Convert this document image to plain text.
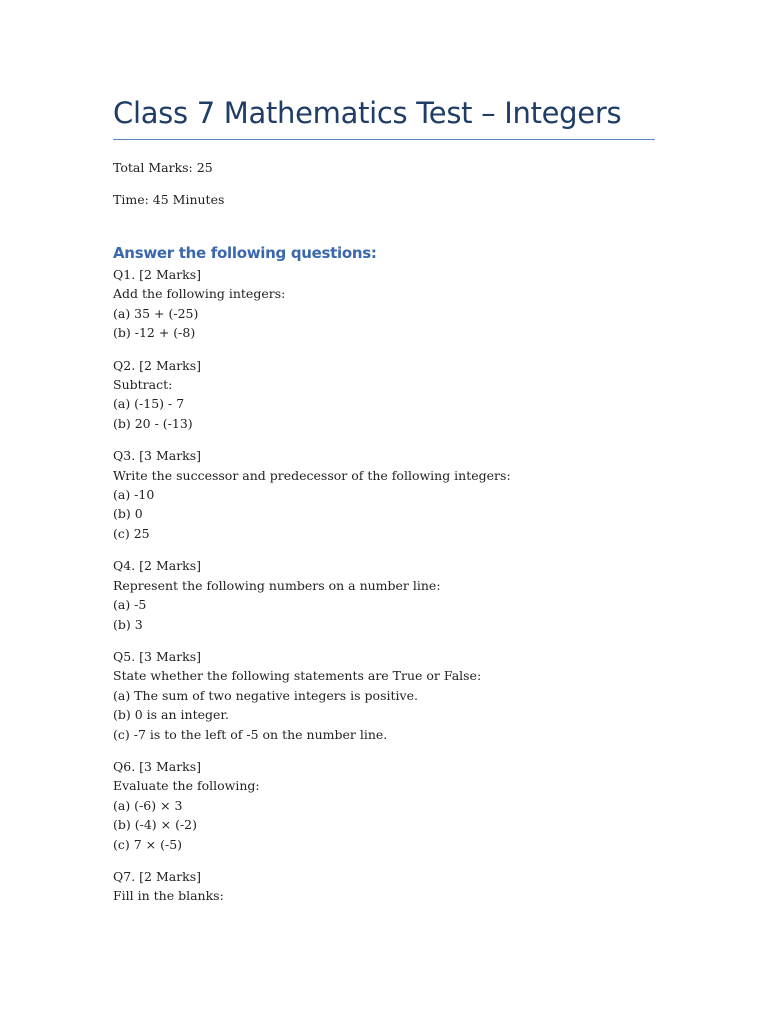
Class 7 Mathematics Test – Integers

Total Marks: 25

Time: 45 Minutes

Answer the following questions:
Q1. [2 Marks]
Add the following integers:
(a) 35 + (-25)
(b) -12 + (-8)
Q2. [2 Marks]
Subtract:
(a) (-15) - 7
(b) 20 - (-13)
Q3. [3 Marks]
Write the successor and predecessor of the following integers:
(a) -10
(b) 0
(c) 25
Q4. [2 Marks]
Represent the following numbers on a number line:
(a) -5
(b) 3
Q5. [3 Marks]
State whether the following statements are True or False:
(a) The sum of two negative integers is positive.
(b) 0 is an integer.
(c) -7 is to the left of -5 on the number line.
Q6. [3 Marks]
Evaluate the following:
(a) (-6) × 3
(b) (-4) × (-2)
(c) 7 × (-5)
Q7. [2 Marks]
Fill in the blanks:
